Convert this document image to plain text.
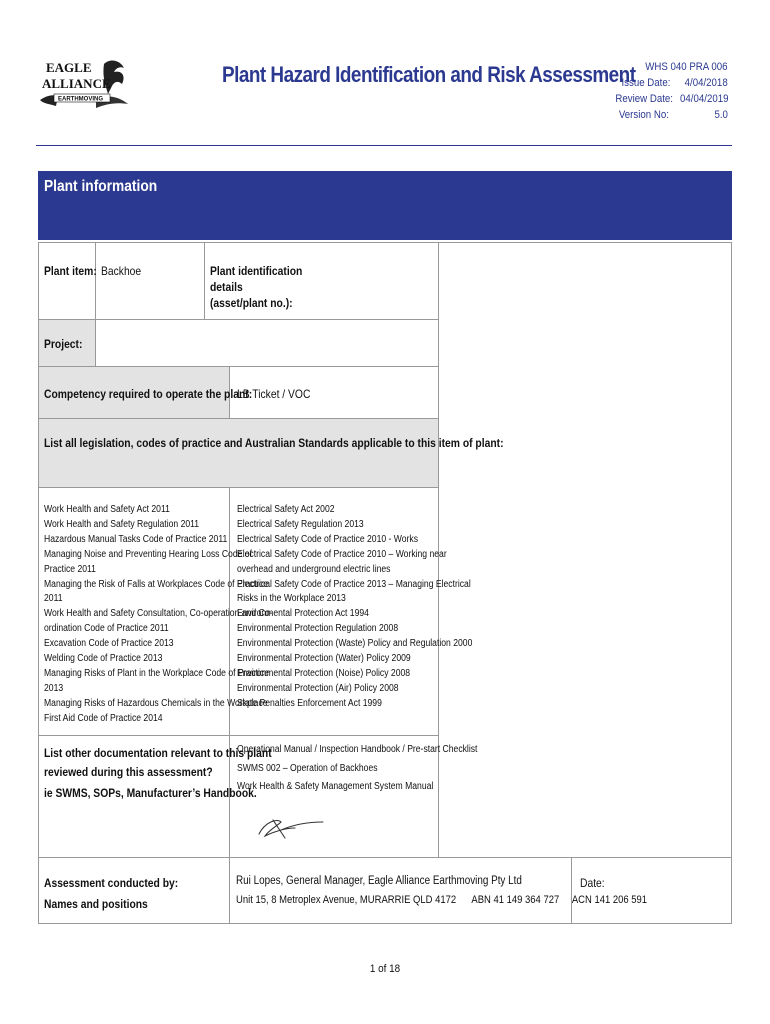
EAGLE
ALLIANCE
EARTHMOVING
Plant Hazard Identification and Risk Assessment WHS 040 PRA 006
Issue Date: 4/04/2018
Review Date: 04/04/2019
Version No:	5.0
Plant information
Plant item: Backhoe	Plant identification
details
(asset/plant no.):
Project:
Competency required to operate the plant:
LB Ticket / VOC
List all legislation, codes of practice and Australian Standards applicable to this item of plant:
Work Health and Safety Act 2011
Work Health and Safety Regulation 2011
Hazardous Manual Tasks Code of Practice 2011
Managing Noise and Preventing Hearing Loss Code of
Practice 2011
Managing the Risk of Falls at Workplaces Code of Practice
2011
Work Health and Safety Consultation, Co-operation and Co-
ordination Code of Practice 2011
Excavation Code of Practice 2013
Welding Code of Practice 2013
Managing Risks of Plant in the Workplace Code of Practice
2013
Managing Risks of Hazardous Chemicals in the Workplace
First Aid Code of Practice 2014
Electrical Safety Act 2002
Electrical Safety Regulation 2013
Electrical Safety Code of Practice 2010 - Works
Electrical Safety Code of Practice 2010 – Working near
overhead and underground electric lines
Electrical Safety Code of Practice 2013 – Managing Electrical
Risks in the Workplace 2013
Environmental Protection Act 1994
Environmental Protection Regulation 2008
Environmental Protection (Waste) Policy and Regulation 2000
Environmental Protection (Water) Policy 2009
Environmental Protection (Noise) Policy 2008
Environmental Protection (Air) Policy 2008
State Penalties Enforcement Act 1999
List other documentation relevant to this plant
reviewed during this assessment?
ie SWMS, SOPs, Manufacturer’s Handbook.
Operational Manual / Inspection Handbook / Pre-start Checklist
SWMS 002 – Operation of Backhoes
Work Health & Safety Management System Manual
Assessment conducted by:
Names and positions
Rui Lopes, General Manager, Eagle Alliance Earthmoving Pty Ltd
Unit 15, 8 Metroplex Avenue, MURARRIE QLD 4172      ABN 41 149 364 727     ACN 141 206 591
Date:
1 of 18
